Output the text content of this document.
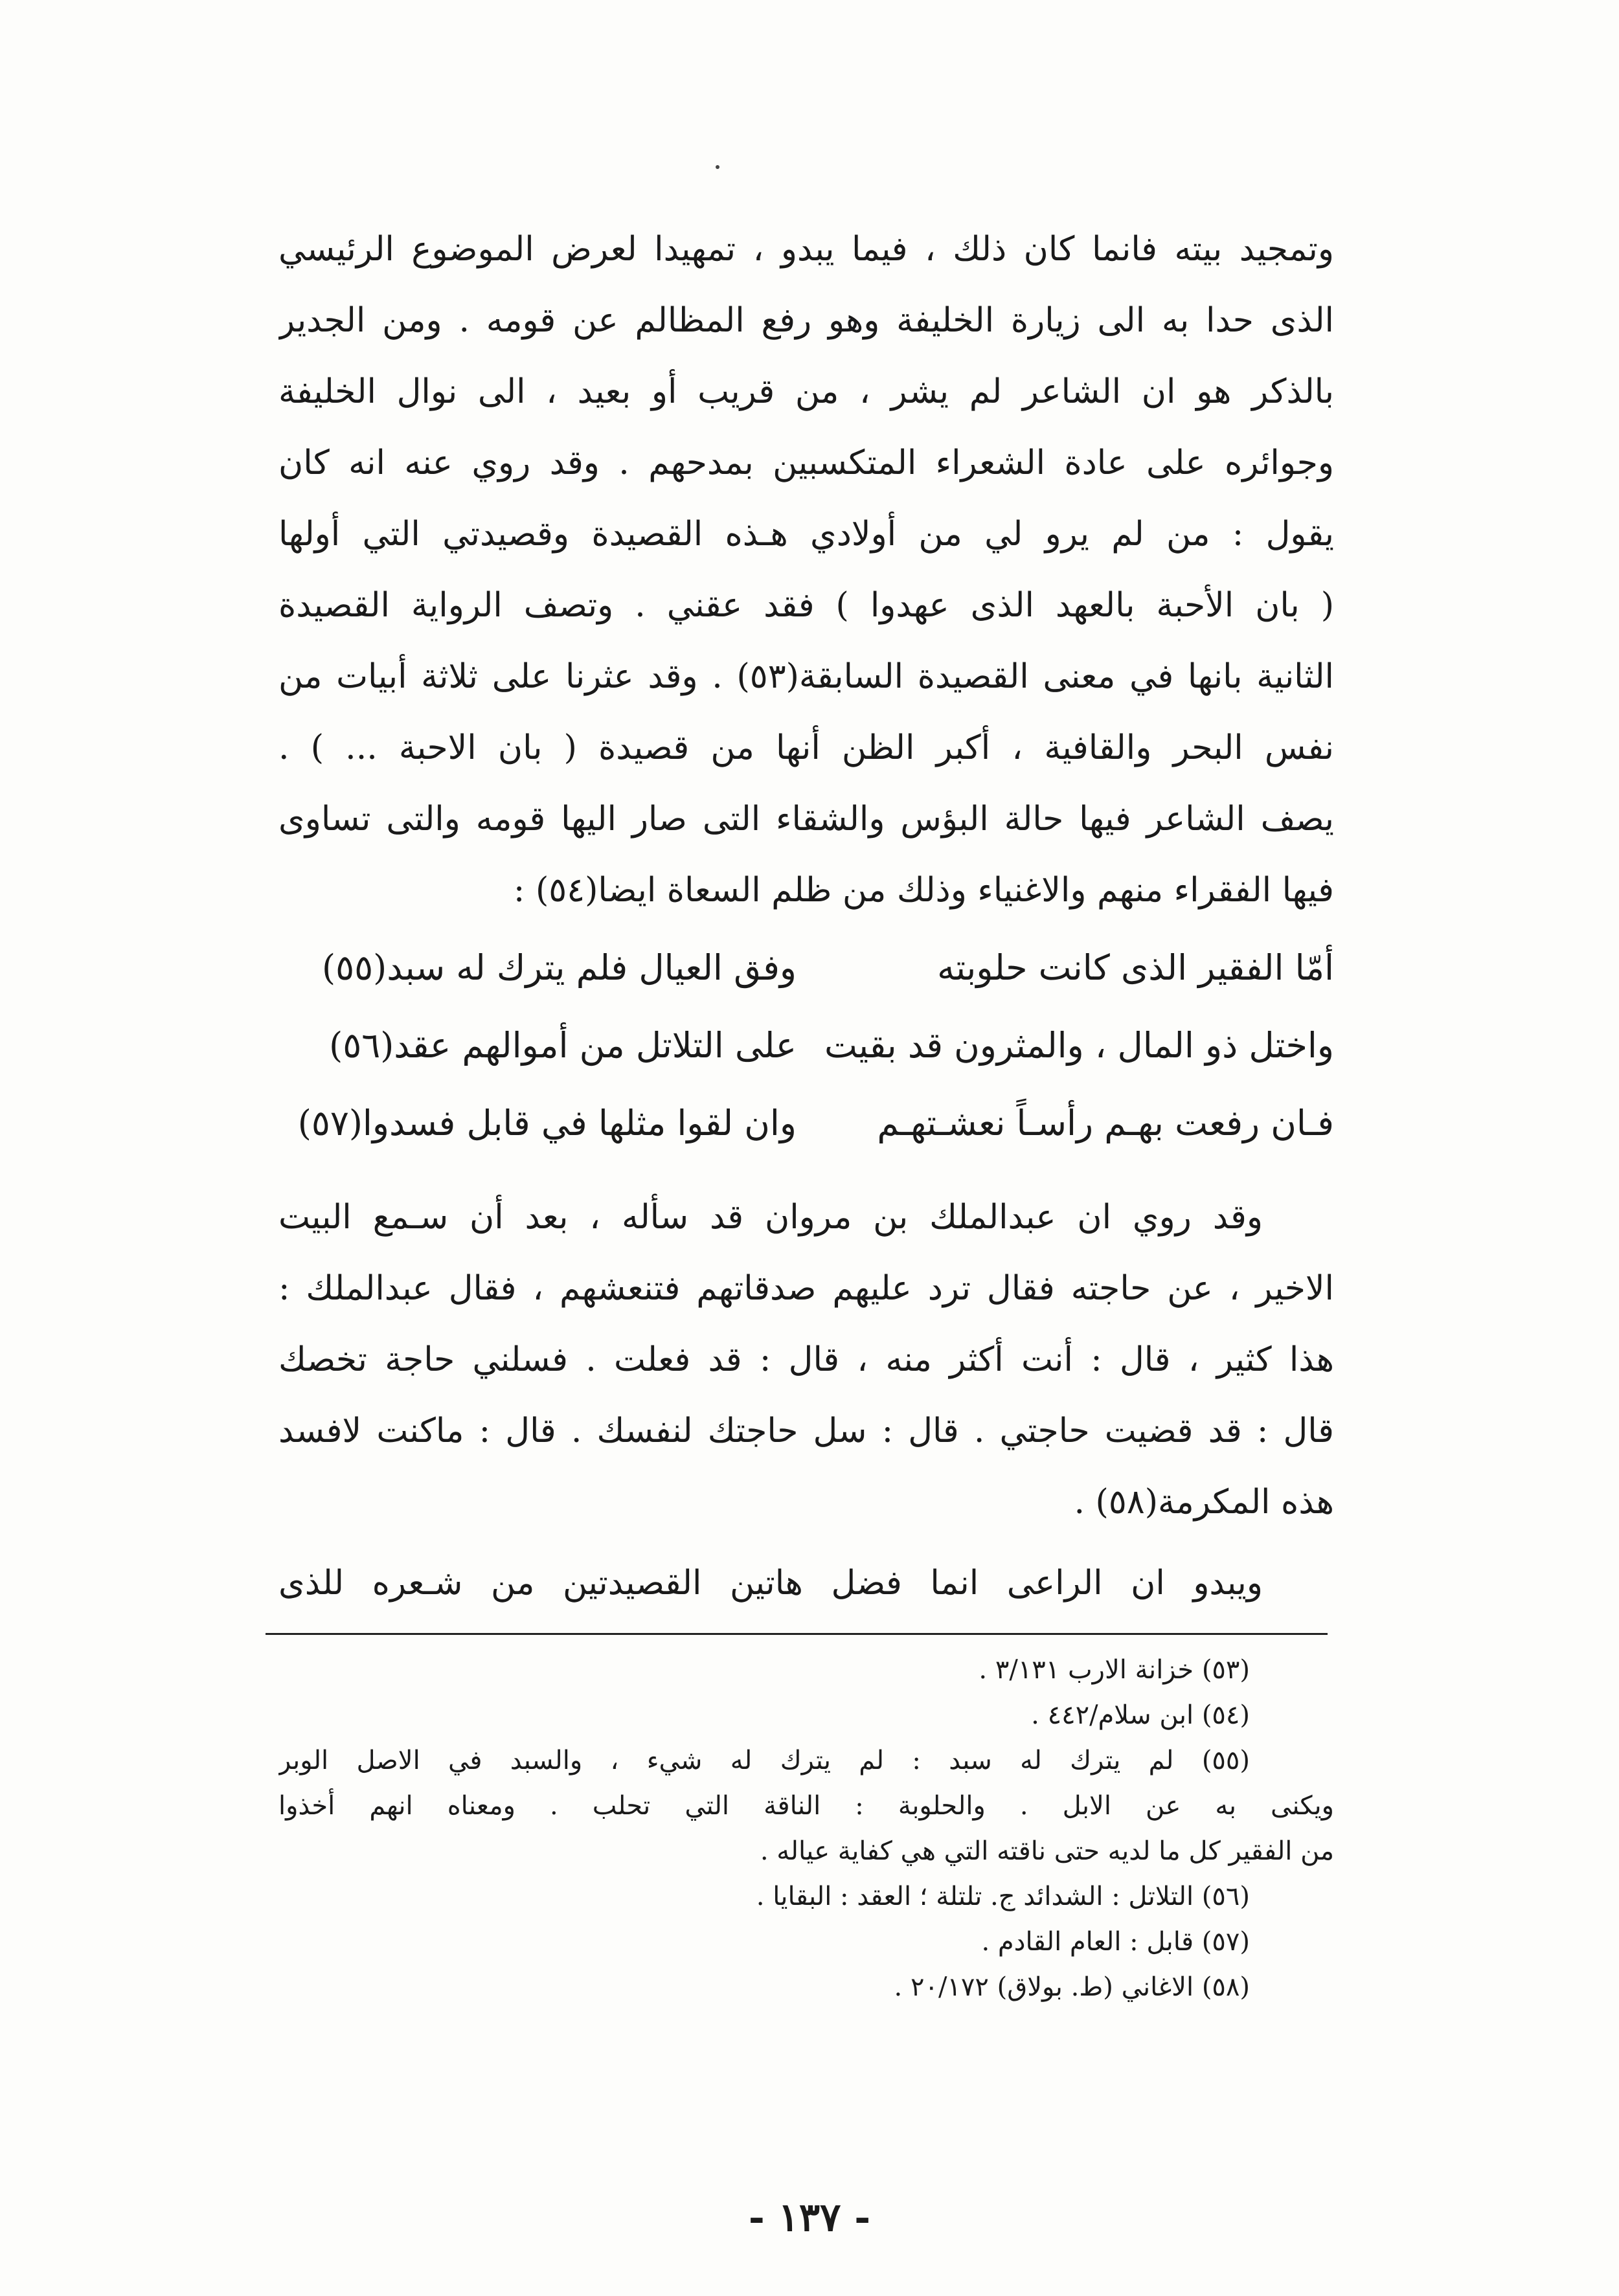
وتمجيد بيته فانما كان ذلك ، فيما يبدو ، تمهيدا لعرض الموضوع الرئيسي
الذى حدا به الى زيارة الخليفة وهو رفع المظالم عن قومه . ومن الجدير
بالذكر هو ان الشاعر لم يشر ، من قريب أو بعيد ، الى نوال الخليفة
وجوائره على عادة الشعراء المتكسبين بمدحهم . وقد روي عنه انه كان
يقول : من لم يرو لي من أولادي هـذه القصيدة وقصيدتي التي أولها
( بان الأحبة بالعهد الذى عهدوا ) فقد عقني . وتصف الرواية القصيدة
الثانية بانها في معنى القصيدة السابقة(٥٣) . وقد عثرنا على ثلاثة أبيات من
نفس البحر والقافية ، أكبر الظن أنها من قصيدة ( بان الاحبة ... ) .
يصف الشاعر فيها حالة البؤس والشقاء التى صار اليها قومه والتى تساوى
فيها الفقراء منهم والاغنياء وذلك من ظلم السعاة ايضا(٥٤) :
أمّا الفقير الذى كانت حلوبته
وفق العيال فلم يترك له سبد(٥٥)
واختل ذو المال ، والمثرون قد بقيت
على التلاتل من أموالهم عقد(٥٦)
فـان رفعت بهـم رأسـاً نعشـتهـم
وان لقوا مثلها في قابل فسدوا(٥٧)
وقد روي ان عبدالملك بن مروان قد سأله ، بعد أن سـمع البيت
الاخير ، عن حاجته فقال ترد عليهم صدقاتهم فتنعشهم ، فقال عبدالملك :
هذا كثير ، قال : أنت أكثر منه ، قال : قد فعلت . فسلني حاجة تخصك
قال : قد قضيت حاجتي . قال : سل حاجتك لنفسك . قال : ماكنت لافسد
هذه المكرمة(٥٨) .
ويبدو ان الراعى انما فضل هاتين القصيدتين من شـعره للذى
(٥٣) خزانة الارب ٣/١٣١ .
(٥٤) ابن سلام/٤٤٢ .
(٥٥) لم يترك له سبد : لم يترك له شيء ، والسبد في الاصل الوبر
ويكنى به عن الابل . والحلوبة : الناقة التي تحلب . ومعناه انهم أخذوا
من الفقير كل ما لديه حتى ناقته التي هي كفاية عياله .
(٥٦) التلاتل : الشدائد ج. تلتلة ؛ العقد : البقايا .
(٥٧) قابل : العام القادم .
(٥٨) الاغاني (ط. بولاق) ٢٠/١٧٢ .
- ١٣٧ -
